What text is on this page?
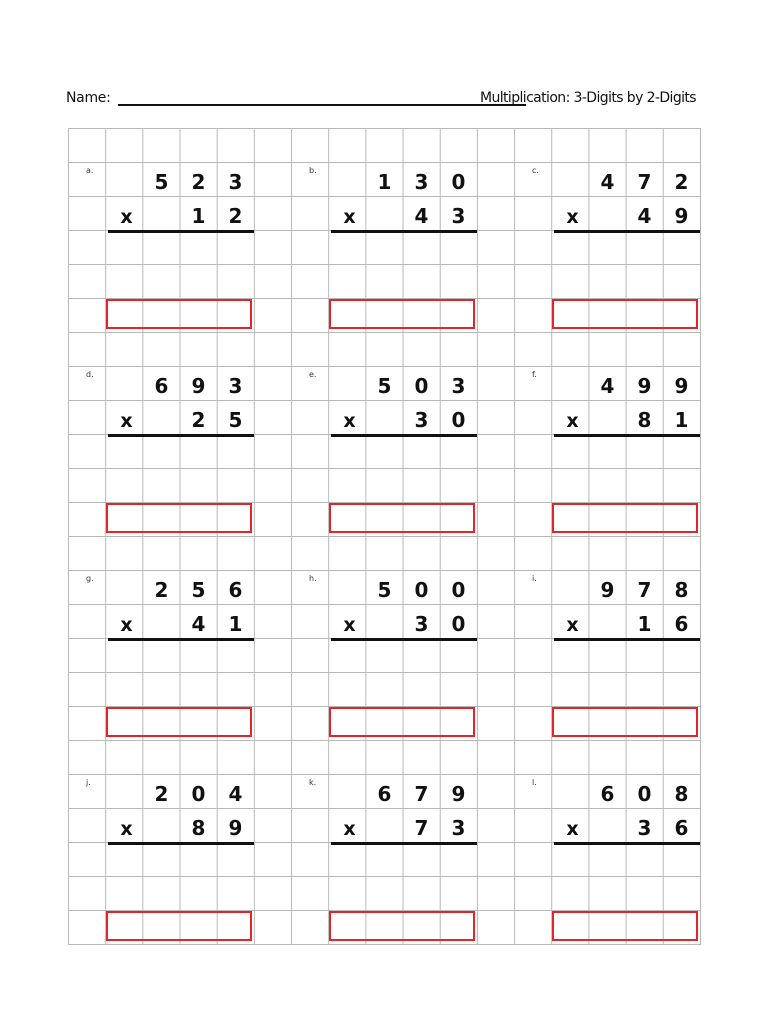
Name:	Multiplication: 3-Digits by 2-Digits
a.	5	2	3
x	1	2
b.	1	3	0
x	4	3
c.	4	7	2
x	4	9
d.	6	9	3
x	2	5
e.	5	0	3
x	3	0
f.	4	9	9
x	8	1
g.	2	5	6
x	4	1
h.	5	0	0
x	3	0
i.	9	7	8
x	1	6
j.	2	0	4
x	8	9
k.	6	7	9
x	7	3
l.	6	0	8
x	3	6
